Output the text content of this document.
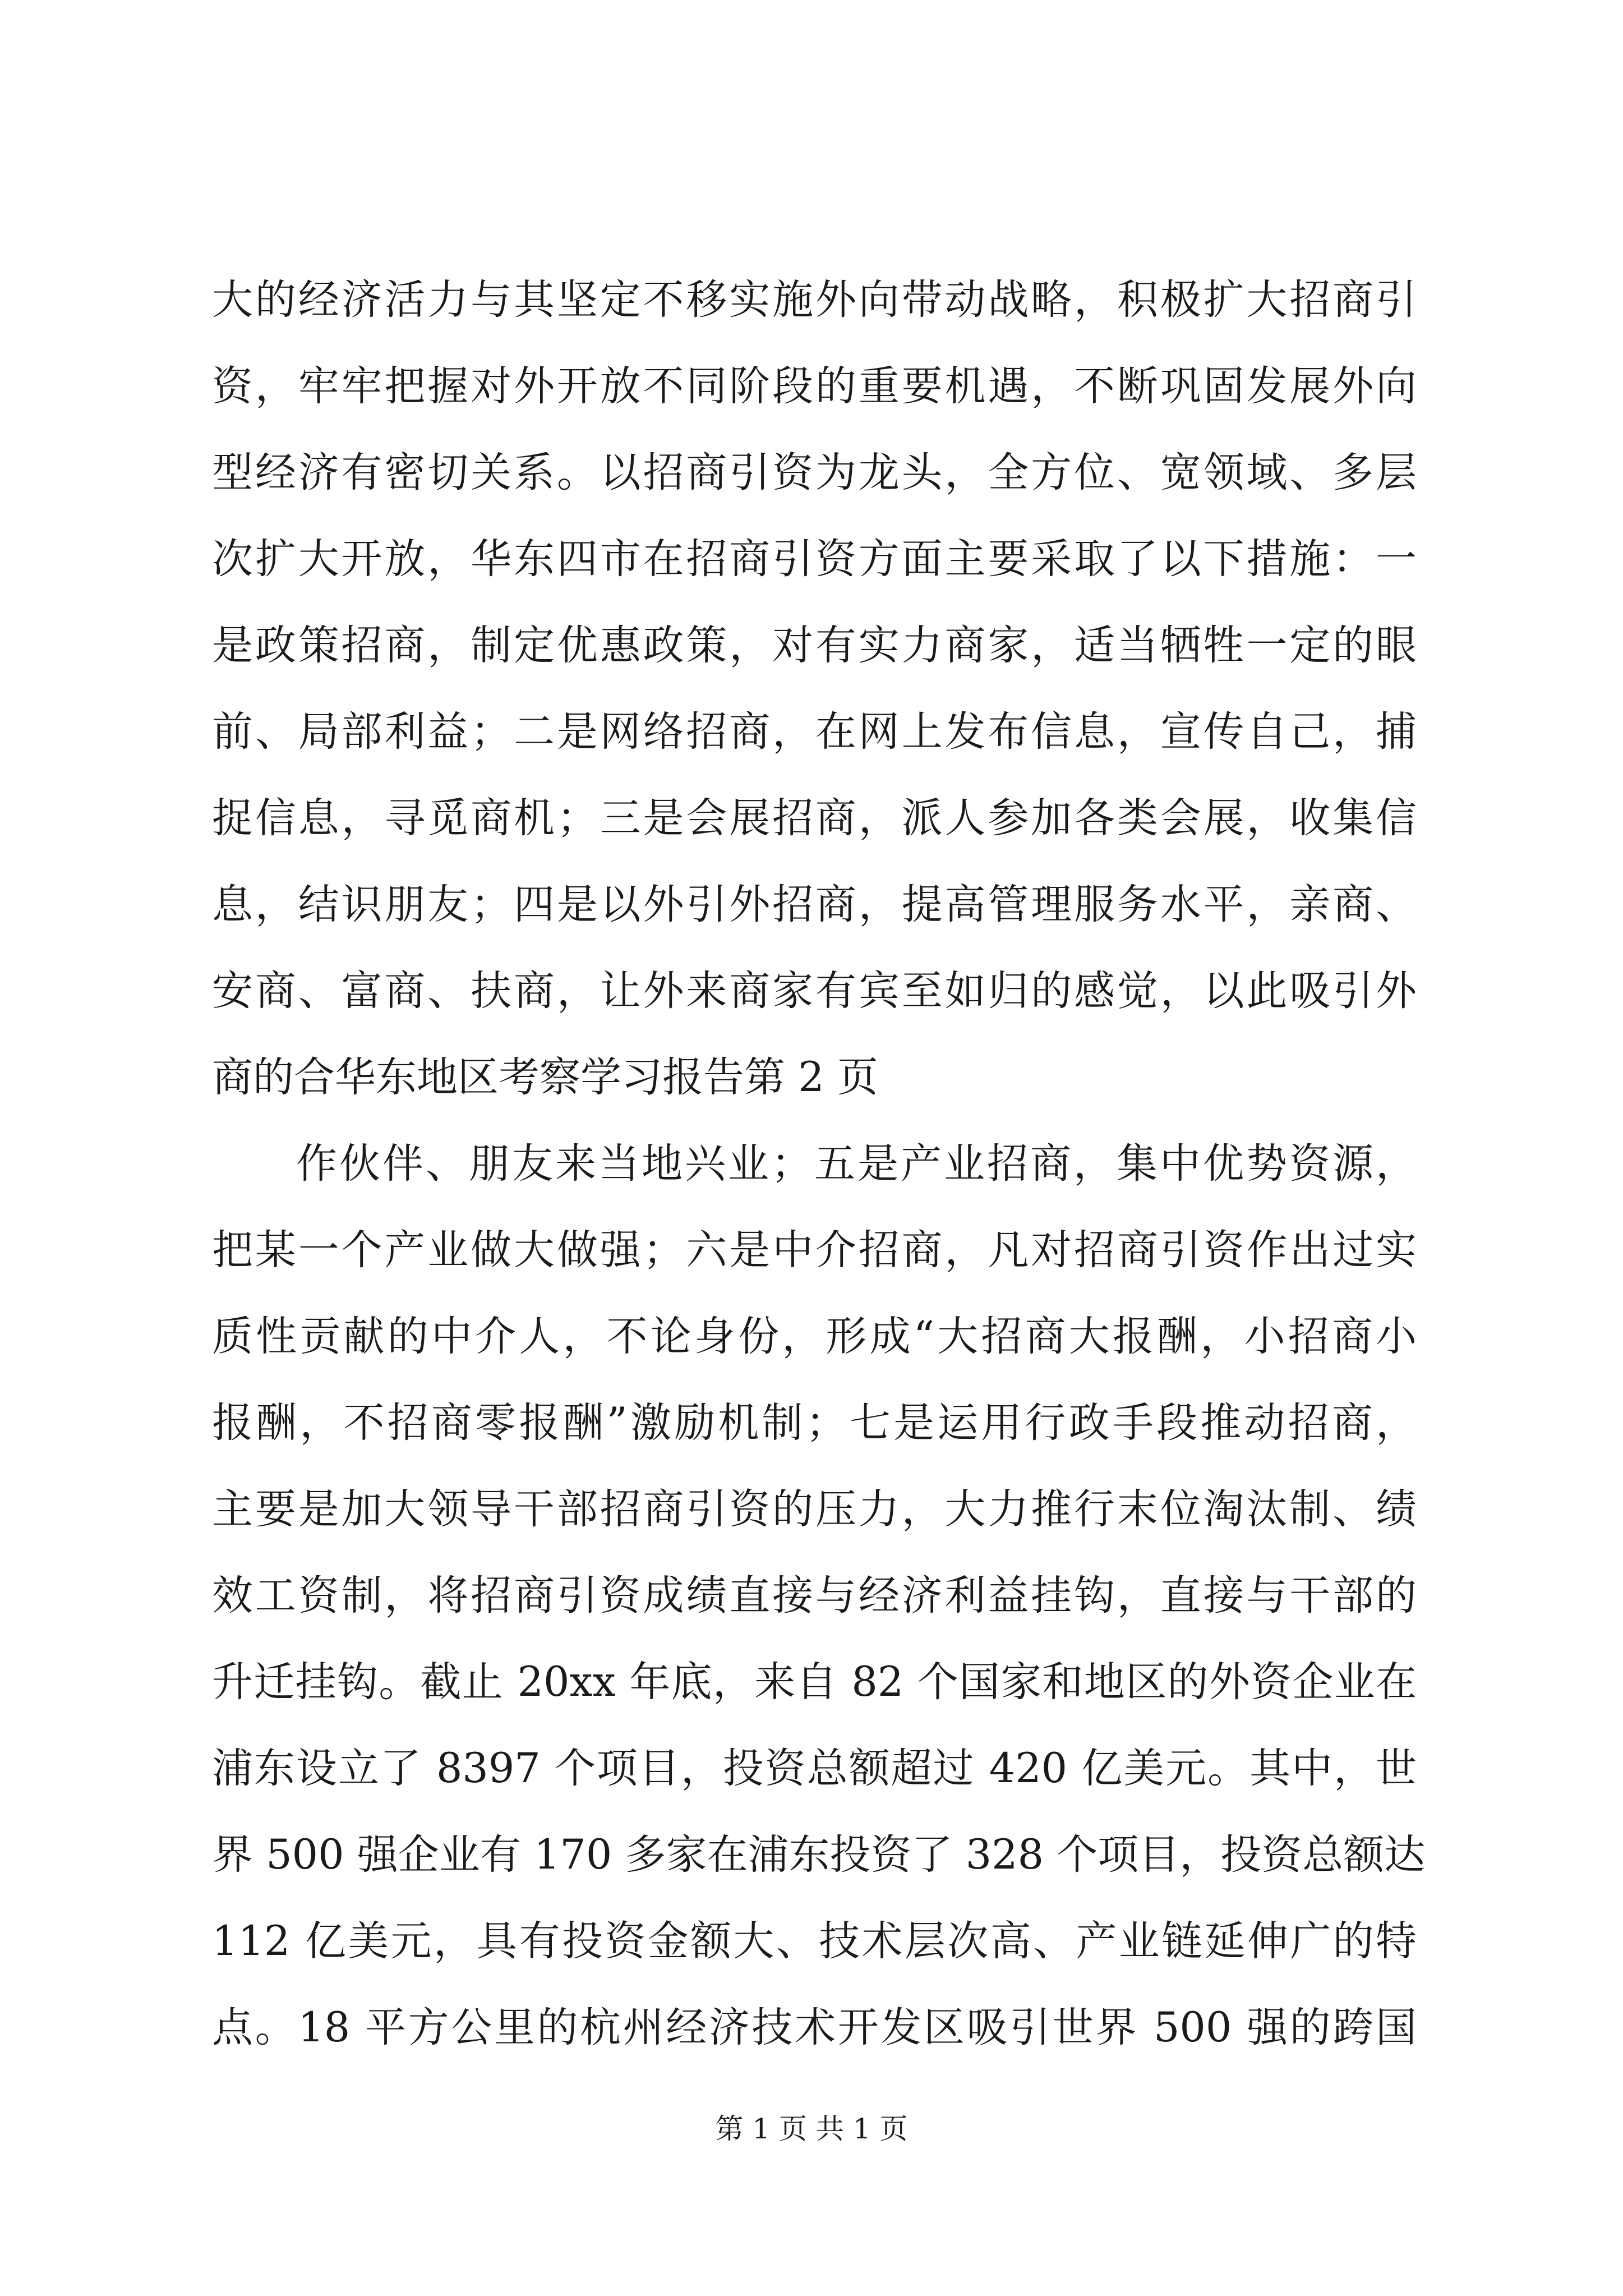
大的经济活力与其坚定不移实施外向带动战略，积极扩大招商引
资，牢牢把握对外开放不同阶段的重要机遇，不断巩固发展外向
型经济有密切关系。以招商引资为龙头，全方位、宽领域、多层
次扩大开放，华东四市在招商引资方面主要采取了以下措施：一
是政策招商，制定优惠政策，对有实力商家，适当牺牲一定的眼
前、局部利益；二是网络招商，在网上发布信息，宣传自己，捕
捉信息，寻觅商机；三是会展招商，派人参加各类会展，收集信
息，结识朋友；四是以外引外招商，提高管理服务水平，亲商、
安商、富商、扶商，让外来商家有宾至如归的感觉，以此吸引外
商的合华东地区考察学习报告第 2 页
作伙伴、朋友来当地兴业；五是产业招商，集中优势资源，
把某一个产业做大做强；六是中介招商，凡对招商引资作出过实
质性贡献的中介人，不论身份，形成“大招商大报酬，小招商小
报酬，不招商零报酬”激励机制；七是运用行政手段推动招商，
主要是加大领导干部招商引资的压力，大力推行末位淘汰制、绩
效工资制，将招商引资成绩直接与经济利益挂钩，直接与干部的
升迁挂钩。截止 20xx 年底，来自 82 个国家和地区的外资企业在
浦东设立了 8397 个项目，投资总额超过 420 亿美元。其中，世
界 500 强企业有 170 多家在浦东投资了 328 个项目，投资总额达
112 亿美元，具有投资金额大、技术层次高、产业链延伸广的特
点。18 平方公里的杭州经济技术开发区吸引世界 500 强的跨国
第 1 页 共 1 页
